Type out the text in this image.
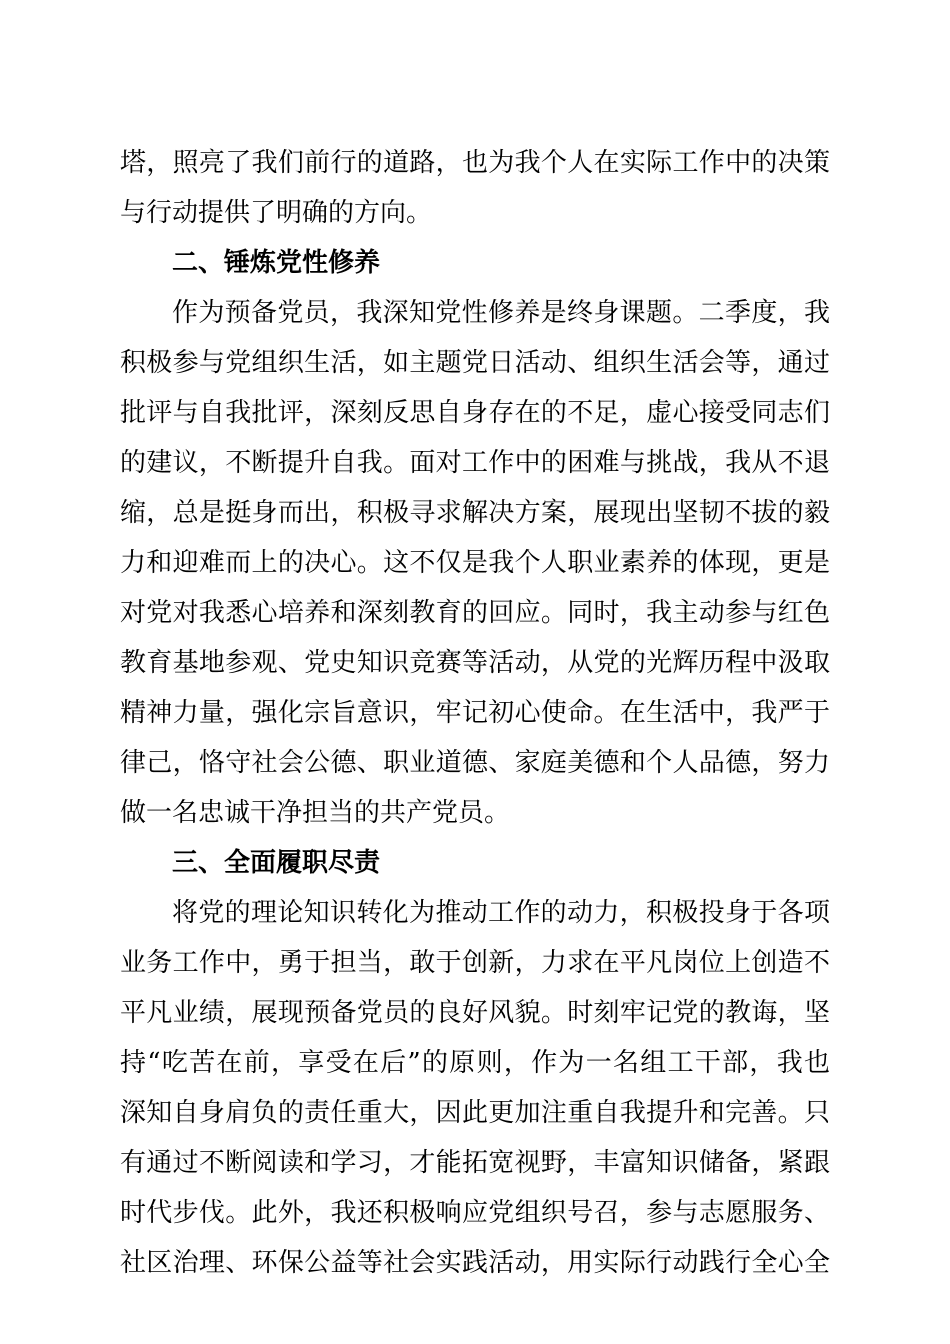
塔，照亮了我们前行的道路，也为我个人在实际工作中的决策
与行动提供了明确的方向。
二、锤炼党性修养
作为预备党员，我深知党性修养是终身课题。二季度，我
积极参与党组织生活，如主题党日活动、组织生活会等，通过
批评与自我批评，深刻反思自身存在的不足，虚心接受同志们
的建议，不断提升自我。面对工作中的困难与挑战，我从不退
缩，总是挺身而出，积极寻求解决方案，展现出坚韧不拔的毅
力和迎难而上的决心。这不仅是我个人职业素养的体现，更是
对党对我悉心培养和深刻教育的回应。同时，我主动参与红色
教育基地参观、党史知识竞赛等活动，从党的光辉历程中汲取
精神力量，强化宗旨意识，牢记初心使命。在生活中，我严于
律己，恪守社会公德、职业道德、家庭美德和个人品德，努力
做一名忠诚干净担当的共产党员。
三、全面履职尽责
将党的理论知识转化为推动工作的动力，积极投身于各项
业务工作中，勇于担当，敢于创新，力求在平凡岗位上创造不
平凡业绩，展现预备党员的良好风貌。时刻牢记党的教诲，坚
持“吃苦在前，享受在后”的原则，作为一名组工干部，我也
深知自身肩负的责任重大，因此更加注重自我提升和完善。只
有通过不断阅读和学习，才能拓宽视野，丰富知识储备，紧跟
时代步伐。此外，我还积极响应党组织号召，参与志愿服务、
社区治理、环保公益等社会实践活动，用实际行动践行全心全
